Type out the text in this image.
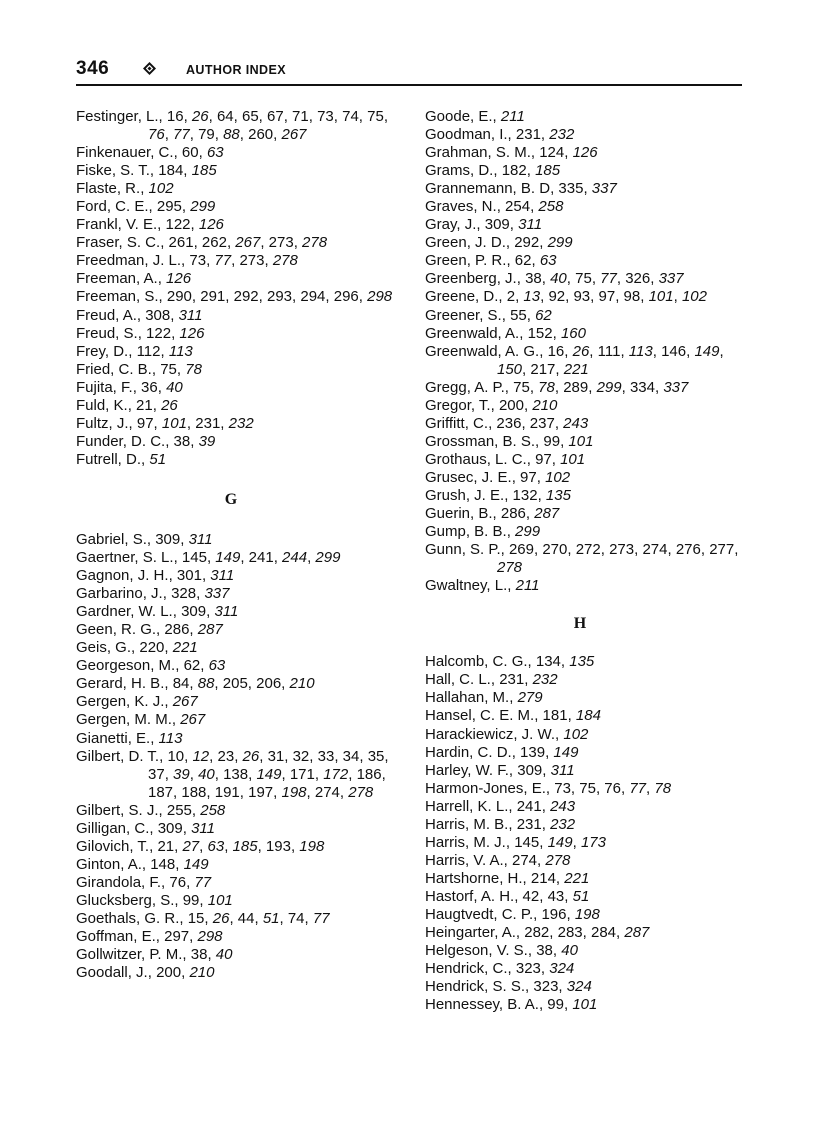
346	AUTHOR INDEX
Festinger, L., 16, 26, 64, 65, 67, 71, 73, 74, 75, 76, 77, 79, 88, 260, 267
Finkenauer, C., 60, 63
Fiske, S. T., 184, 185
Flaste, R., 102
Ford, C. E., 295, 299
Frankl, V. E., 122, 126
Fraser, S. C., 261, 262, 267, 273, 278
Freedman, J. L., 73, 77, 273, 278
Freeman, A., 126
Freeman, S., 290, 291, 292, 293, 294, 296, 298
Freud, A., 308, 311
Freud, S., 122, 126
Frey, D., 112, 113
Fried, C. B., 75, 78
Fujita, F., 36, 40
Fuld, K., 21, 26
Fultz, J., 97, 101, 231, 232
Funder, D. C., 38, 39
Futrell, D., 51
G
Gabriel, S., 309, 311
Gaertner, S. L., 145, 149, 241, 244, 299
Gagnon, J. H., 301, 311
Garbarino, J., 328, 337
Gardner, W. L., 309, 311
Geen, R. G., 286, 287
Geis, G., 220, 221
Georgeson, M., 62, 63
Gerard, H. B., 84, 88, 205, 206, 210
Gergen, K. J., 267
Gergen, M. M., 267
Gianetti, E., 113
Gilbert, D. T., 10, 12, 23, 26, 31, 32, 33, 34, 35, 37, 39, 40, 138, 149, 171, 172, 186, 187, 188, 191, 197, 198, 274, 278
Gilbert, S. J., 255, 258
Gilligan, C., 309, 311
Gilovich, T., 21, 27, 63, 185, 193, 198
Ginton, A., 148, 149
Girandola, F., 76, 77
Glucksberg, S., 99, 101
Goethals, G. R., 15, 26, 44, 51, 74, 77
Goffman, E., 297, 298
Gollwitzer, P. M., 38, 40
Goodall, J., 200, 210
Goode, E., 211
Goodman, I., 231, 232
Grahman, S. M., 124, 126
Grams, D., 182, 185
Grannemann, B. D, 335, 337
Graves, N., 254, 258
Gray, J., 309, 311
Green, J. D., 292, 299
Green, P. R., 62, 63
Greenberg, J., 38, 40, 75, 77, 326, 337
Greene, D., 2, 13, 92, 93, 97, 98, 101, 102
Greener, S., 55, 62
Greenwald, A., 152, 160
Greenwald, A. G., 16, 26, 111, 113, 146, 149, 150, 217, 221
Gregg, A. P., 75, 78, 289, 299, 334, 337
Gregor, T., 200, 210
Griffitt, C., 236, 237, 243
Grossman, B. S., 99, 101
Grothaus, L. C., 97, 101
Grusec, J. E., 97, 102
Grush, J. E., 132, 135
Guerin, B., 286, 287
Gump, B. B., 299
Gunn, S. P., 269, 270, 272, 273, 274, 276, 277, 278
Gwaltney, L., 211
H
Halcomb, C. G., 134, 135
Hall, C. L., 231, 232
Hallahan, M., 279
Hansel, C. E. M., 181, 184
Harackiewicz, J. W., 102
Hardin, C. D., 139, 149
Harley, W. F., 309, 311
Harmon-Jones, E., 73, 75, 76, 77, 78
Harrell, K. L., 241, 243
Harris, M. B., 231, 232
Harris, M. J., 145, 149, 173
Harris, V. A., 274, 278
Hartshorne, H., 214, 221
Hastorf, A. H., 42, 43, 51
Haugtvedt, C. P., 196, 198
Heingarter, A., 282, 283, 284, 287
Helgeson, V. S., 38, 40
Hendrick, C., 323, 324
Hendrick, S. S., 323, 324
Hennessey, B. A., 99, 101
